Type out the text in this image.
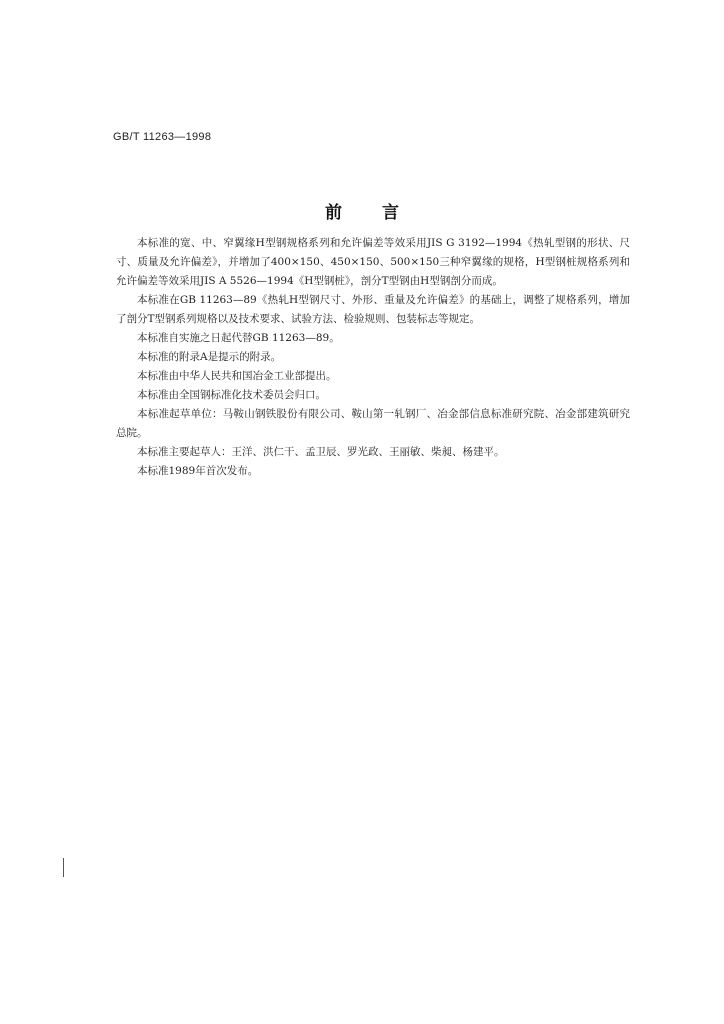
GB/T 11263—1998
前言

本标准的宽、中、窄翼缘H型钢规格系列和允许偏差等效采用JIS G 3192—1994《热轧型钢的形状、尺寸、质量及允许偏差》，并增加了400×150、450×150、500×150三种窄翼缘的规格，H型钢桩规格系列和允许偏差等效采用JIS A 5526—1994《H型钢桩》，剖分T型钢由H型钢剖分而成。

本标准在GB 11263—89《热轧H型钢尺寸、外形、重量及允许偏差》的基础上，调整了规格系列，增加了剖分T型钢系列规格以及技术要求、试验方法、检验规则、包装标志等规定。

本标准自实施之日起代替GB 11263—89。

本标准的附录A是提示的附录。

本标准由中华人民共和国冶金工业部提出。

本标准由全国钢标准化技术委员会归口。

本标准起草单位：马鞍山钢铁股份有限公司、鞍山第一轧钢厂、冶金部信息标准研究院、冶金部建筑研究总院。

本标准主要起草人：王洋、洪仁干、孟卫辰、罗光政、王丽敏、柴昶、杨建平。

本标准1989年首次发布。
